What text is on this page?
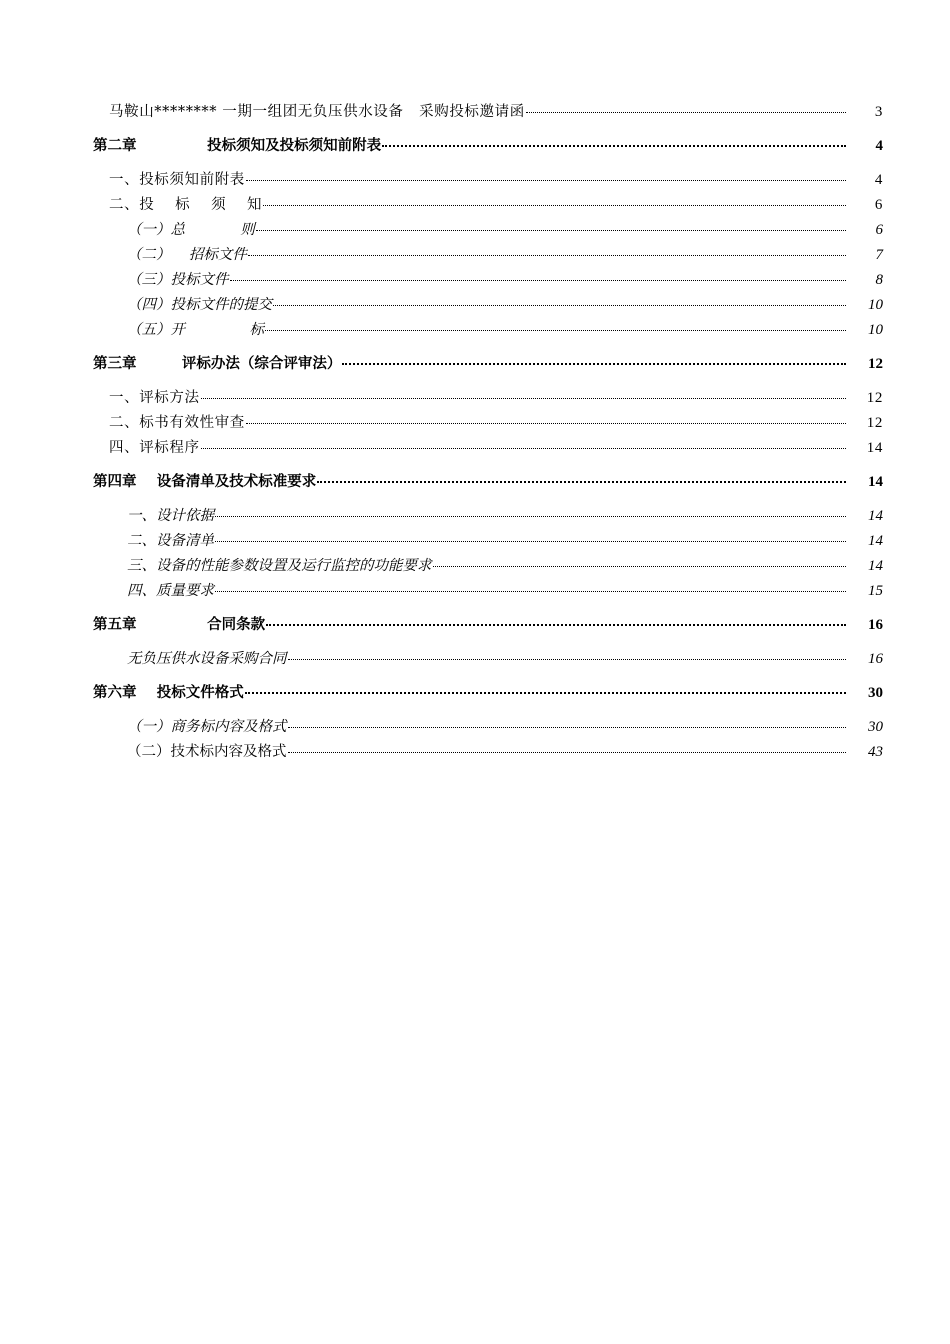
马鞍山******** 一期一组团无负压供水设备   采购投标邀请函	3
第二章              投标须知及投标须知前附表	4
一、投标须知前附表	4
二、投    标    须    知	6
（一）总            则	6
（二）    招标文件	7
（三）投标文件	8
（四）投标文件的提交	10
（五）开              标	10
第三章         评标办法（综合评审法）	12
一、评标方法	12
二、标书有效性审查	12
四、评标程序	14
第四章    设备清单及技术标准要求	14
一、设计依据	14
二、设备清单	14
三、设备的性能参数设置及运行监控的功能要求	14
四、质量要求	15
第五章              合同条款	16
无负压供水设备采购合同	16
第六章    投标文件格式	30
（一）商务标内容及格式	30
（二）技术标内容及格式	43
